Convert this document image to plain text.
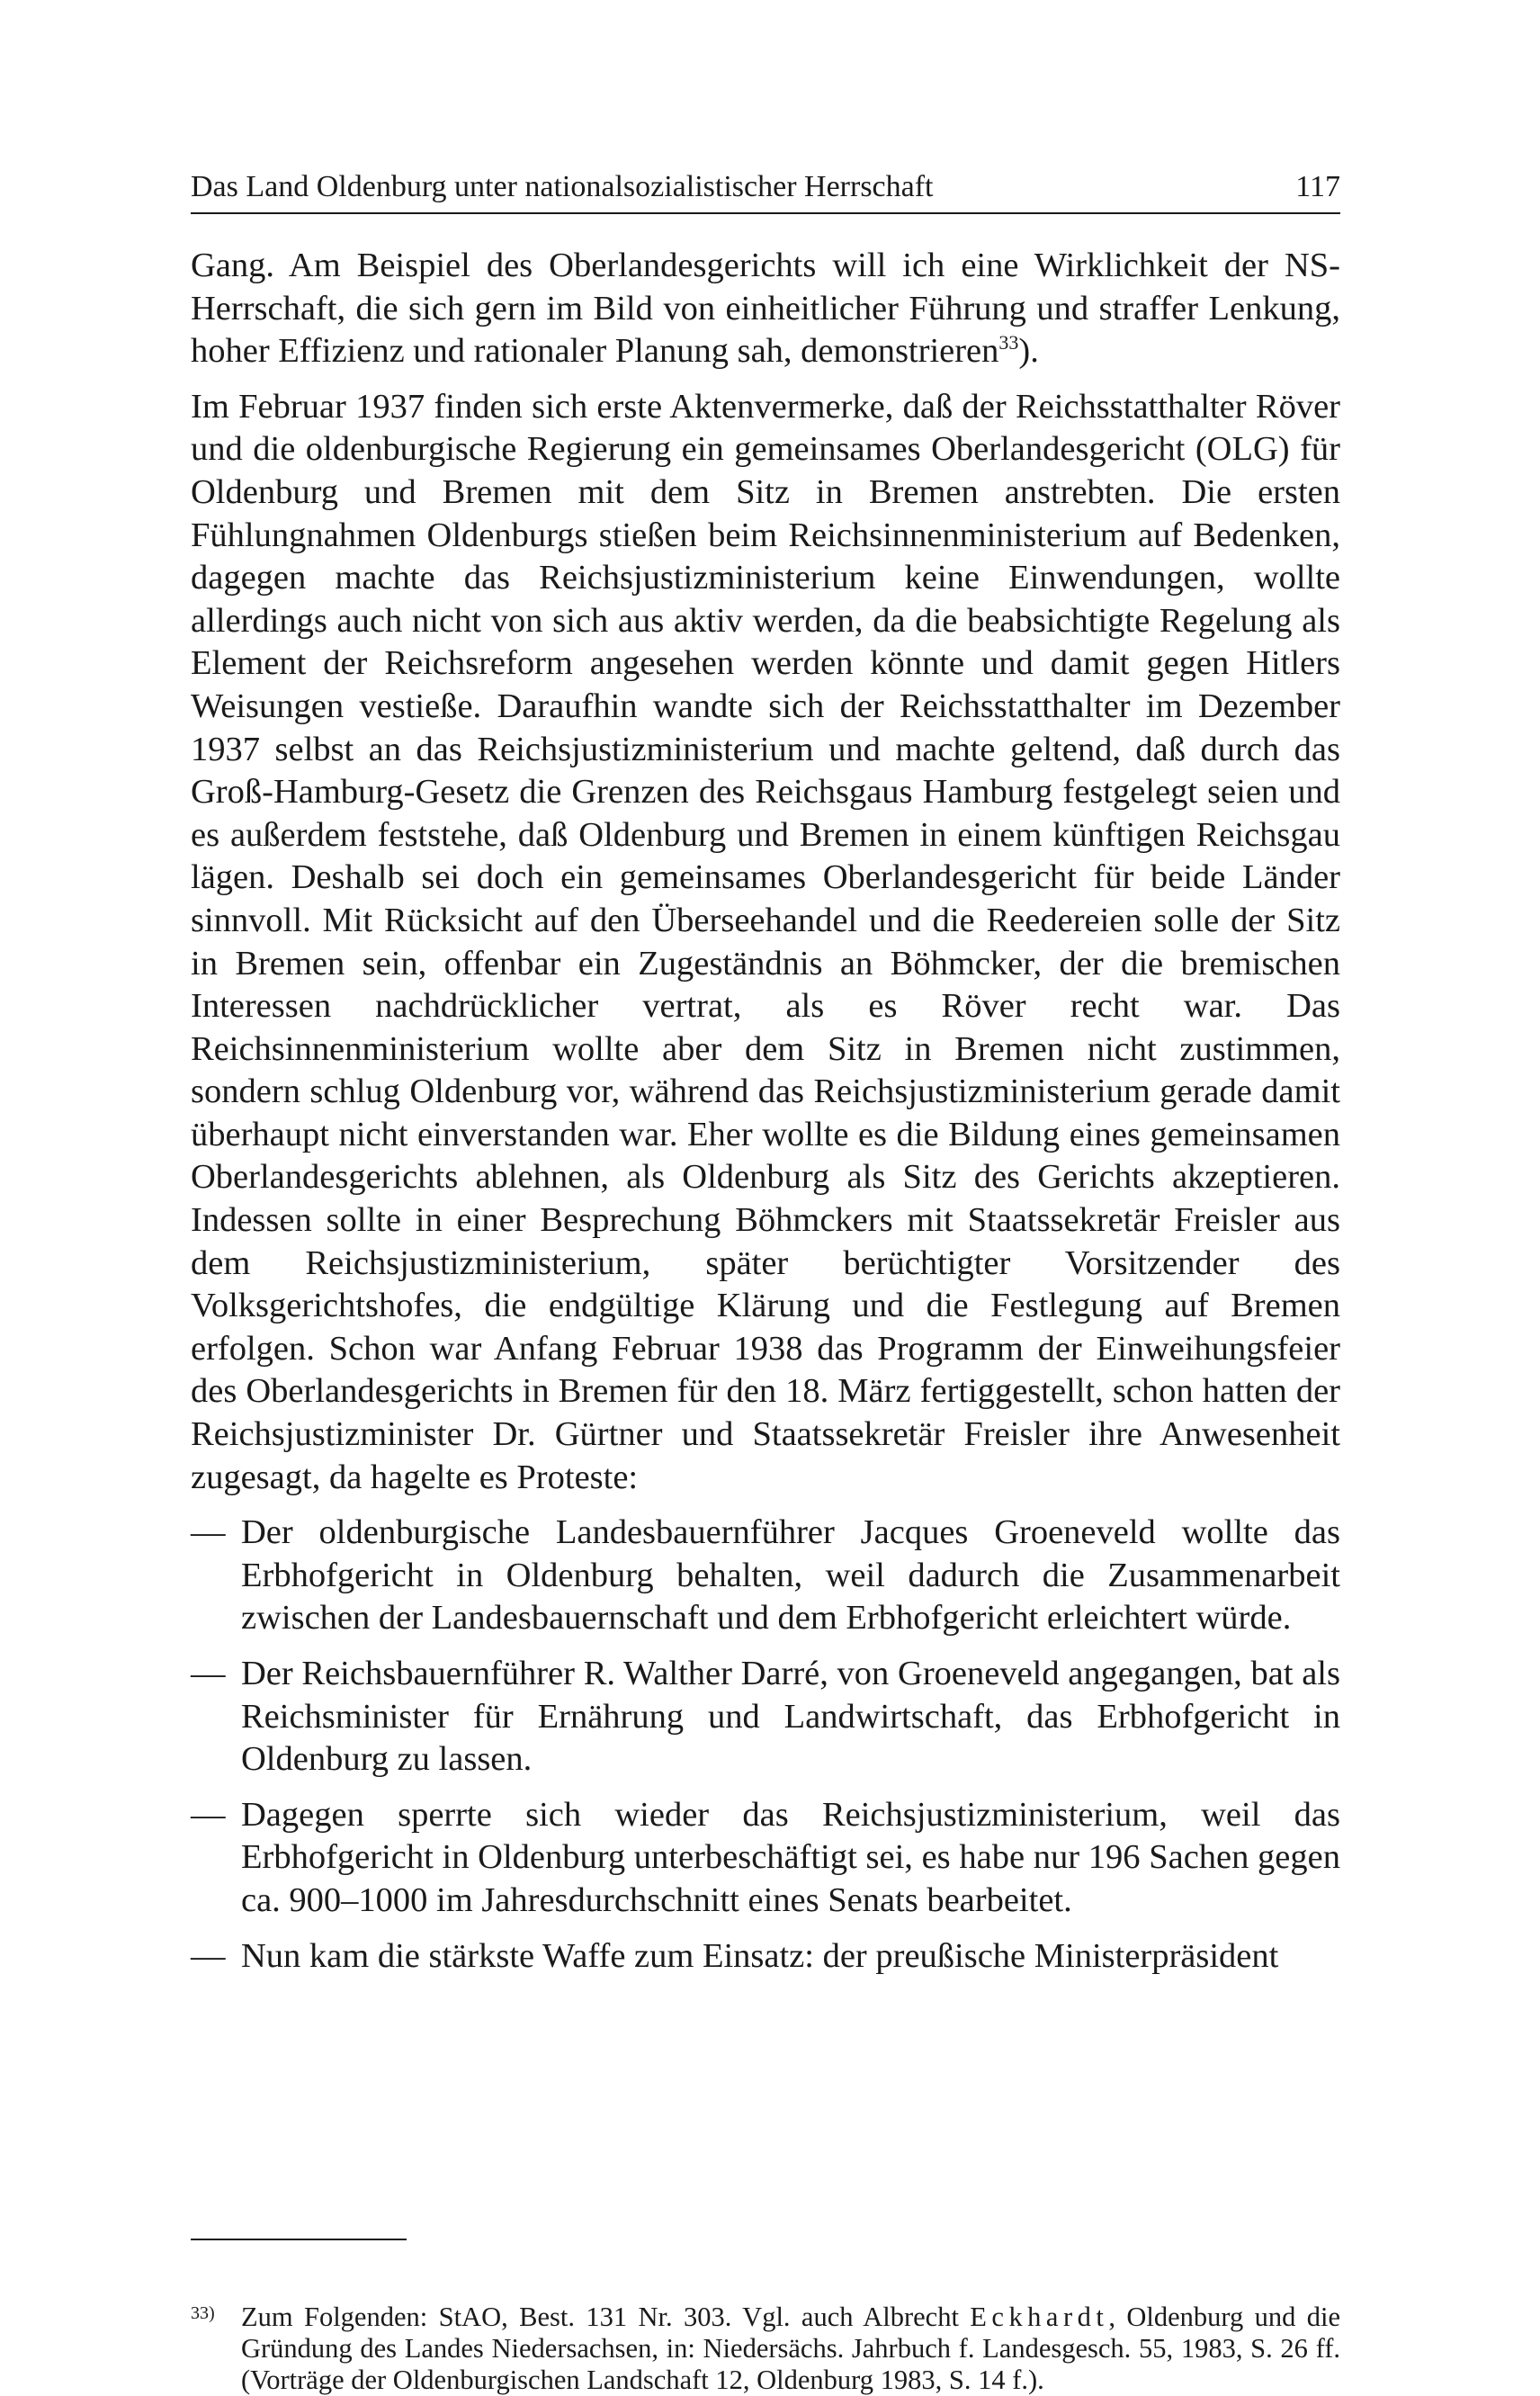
Das Land Oldenburg unter nationalsozialistischer Herrschaft	117

Gang. Am Beispiel des Oberlandesgerichts will ich eine Wirklichkeit der NS-Herrschaft, die sich gern im Bild von einheitlicher Führung und straffer Lenkung, hoher Effizienz und rationaler Planung sah, demonstrieren$^{33}$).

Im Februar 1937 finden sich erste Aktenvermerke, daß der Reichsstatthalter Röver und die oldenburgische Regierung ein gemeinsames Oberlandesgericht (OLG) für Oldenburg und Bremen mit dem Sitz in Bremen anstrebten. Die ersten Fühlungnahmen Oldenburgs stießen beim Reichsinnenministerium auf Bedenken, dagegen machte das Reichsjustizministerium keine Einwendungen, wollte allerdings auch nicht von sich aus aktiv werden, da die beabsichtigte Regelung als Element der Reichsreform angesehen werden könnte und damit gegen Hitlers Weisungen vestieße. Daraufhin wandte sich der Reichsstatthalter im Dezember 1937 selbst an das Reichsjustizministerium und machte geltend, daß durch das Groß-Hamburg-Gesetz die Grenzen des Reichsgaus Hamburg festgelegt seien und es außerdem feststehe, daß Oldenburg und Bremen in einem künftigen Reichsgau lägen. Deshalb sei doch ein gemeinsames Oberlandesgericht für beide Länder sinnvoll. Mit Rücksicht auf den Überseehandel und die Reedereien solle der Sitz in Bremen sein, offenbar ein Zugeständnis an Böhmcker, der die bremischen Interessen nachdrücklicher vertrat, als es Röver recht war. Das Reichsinnenministerium wollte aber dem Sitz in Bremen nicht zustimmen, sondern schlug Oldenburg vor, während das Reichsjustizministerium gerade damit überhaupt nicht einverstanden war. Eher wollte es die Bildung eines gemeinsamen Oberlandesgerichts ablehnen, als Oldenburg als Sitz des Gerichts akzeptieren. Indessen sollte in einer Besprechung Böhmckers mit Staatssekretär Freisler aus dem Reichsjustizministerium, später berüchtigter Vorsitzender des Volksgerichtshofes, die endgültige Klärung und die Festlegung auf Bremen erfolgen. Schon war Anfang Februar 1938 das Programm der Einweihungsfeier des Oberlandesgerichts in Bremen für den 18. März fertiggestellt, schon hatten der Reichsjustizminister Dr. Gürtner und Staatssekretär Freisler ihre Anwesenheit zugesagt, da hagelte es Proteste:

— Der oldenburgische Landesbauernführer Jacques Groeneveld wollte das Erbhofgericht in Oldenburg behalten, weil dadurch die Zusammenarbeit zwischen der Landesbauernschaft und dem Erbhofgericht erleichtert würde.
— Der Reichsbauernführer R. Walther Darré, von Groeneveld angegangen, bat als Reichsminister für Ernährung und Landwirtschaft, das Erbhofgericht in Oldenburg zu lassen.
— Dagegen sperrte sich wieder das Reichsjustizministerium, weil das Erbhofgericht in Oldenburg unterbeschäftigt sei, es habe nur 196 Sachen gegen ca. 900–1000 im Jahresdurchschnitt eines Senats bearbeitet.
— Nun kam die stärkste Waffe zum Einsatz: der preußische Ministerpräsident
33) Zum Folgenden: StAO, Best. 131 Nr. 303. Vgl. auch Albrecht Eckhardt, Oldenburg und die Gründung des Landes Niedersachsen, in: Niedersächs. Jahrbuch f. Landesgesch. 55, 1983, S. 26 ff. (Vorträge der Oldenburgischen Landschaft 12, Oldenburg 1983, S. 14 f.).
